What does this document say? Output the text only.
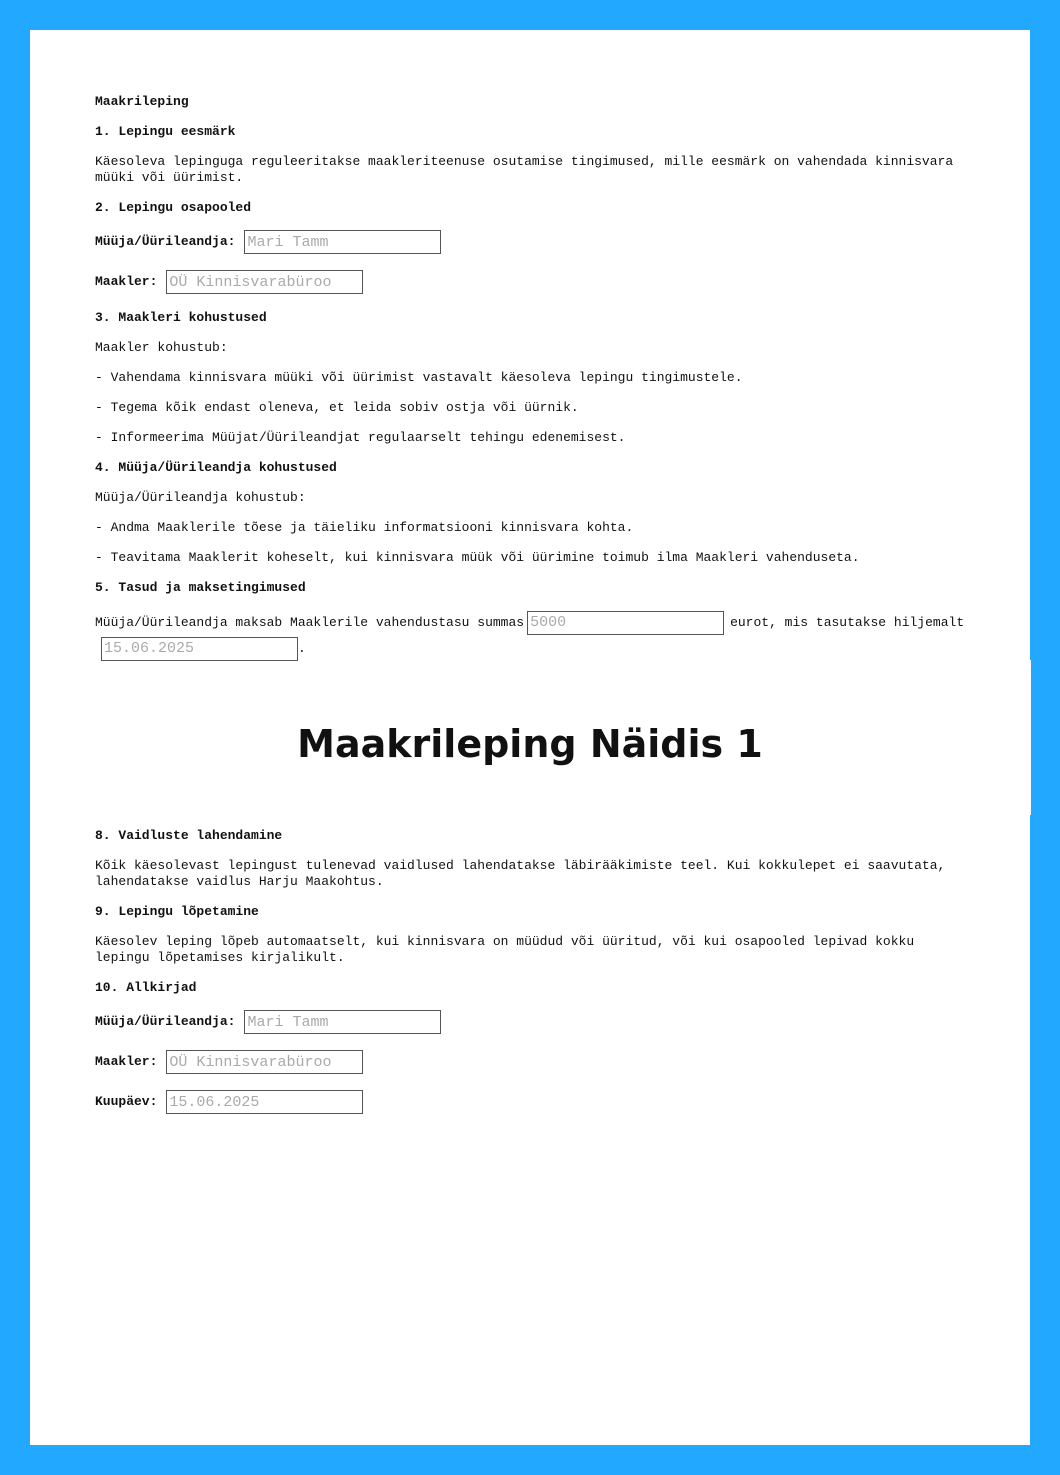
Maakrileping
1. Lepingu eesmärk

Käesoleva lepinguga reguleeritakse maakleriteenuse osutamise tingimused, mille eesmärk on vahendada kinnisvara müüki või üürimist.

2. Lepingu osapooled
Müüja/Üürileandja:
Mari Tamm
Maakler:
OÜ Kinnisvarabüroo
3. Maakleri kohustused

Maakler kohustub:

- Vahendama kinnisvara müüki või üürimist vastavalt käesoleva lepingu tingimustele.

- Tegema kõik endast oleneva, et leida sobiv ostja või üürnik.

- Informeerima Müüjat/Üürileandjat regulaarselt tehingu edenemisest.

4. Müüja/Üürileandja kohustused

Müüja/Üürileandja kohustub:

- Andma Maaklerile tõese ja täieliku informatsiooni kinnisvara kohta.

- Teavitama Maaklerit koheselt, kui kinnisvara müük või üürimine toimub ilma Maakleri vahenduseta.

5. Tasud ja maksetingimused

Müüja/Üürileandja maksab Maaklerile vahendustasu summas5000	eurot, mis tasutakse hiljemalt15.06.2025.

Maakrileping Näidis 1
8. Vaidluste lahendamine

Kõik käesolevast lepingust tulenevad vaidlused lahendatakse läbirääkimiste teel. Kui kokkulepet ei saavutata, lahendatakse vaidlus Harju Maakohtus.

9. Lepingu lõpetamine

Käesolev leping lõpeb automaatselt, kui kinnisvara on müüdud või üüritud, või kui osapooled lepivad kokku lepingu lõpetamises kirjalikult.

10. Allkirjad
Müüja/Üürileandja:
Mari Tamm
Maakler:
OÜ Kinnisvarabüroo
Kuupäev:
15.06.2025
